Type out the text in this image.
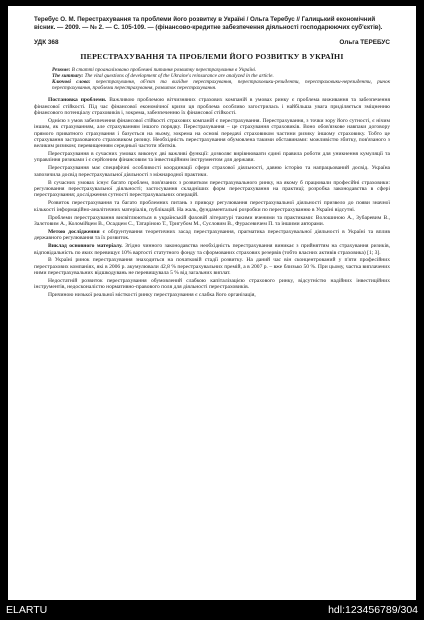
Теребус О. М. Перестрахування та проблеми його розвитку в Україні / Ольга Теребус // Галицький економічний вісник. — 2009. — № 2. — С. 105-109. — (фінансово-кредитне забезпечення діяльності господарюючих суб'єктів).
УДК 368	Ольга ТЕРЕБУС
ПЕРЕСТРАХУВАННЯ ТА ПРОБЛЕМИ ЙОГО РОЗВИТКУ В УКРАЇНІ
Резюме: В статті проаналізовано проблемні питання розвитку перестрахування в Україні.
The summary: The vital questions of development of the Ukraine's reinsurance are analyzed in the article.
Ключові слова: перестрахування, об'єкт та вигідне перестрахування, перестраховики-резиденти, перестраховики-нерезиденти, ринок перестрахування, проблеми перестрахування, розвиток перестрахування.

Постановка проблеми. Важливою проблемою вітчизняних страхових компаній в умовах ринку є проблема виживання та забезпечення фінансової стійкості. Під час фінансової економічної кризи ця проблема особливо загострилась і найбільша увага приділяється зміцненню фінансового потенціалу страховиків і, зокрема, забезпеченню їх фінансової стійкості.

Однією з умов забезпечення фінансової стійкості страхових компаній є перестрахування. Перестрахування, з точки зору його сутності, є нічим іншим, як страхуванням, але страхуванням іншого порядку. Перестрахування – це страхування страховиків. Воно обов'язкове навпаки договору прямого приватного страхування і базується на ньому, зокрема на основі передачі страховиком частини ризику іншому страховику. Тобто це страхування застрахованого страховиком ризику. Необхідність перестрахування обумовлена такими обставинами: можливістю збитку, пов'язаного з великим ризиком; перевищенням середньої частоти збитків.

Перестрахування в сучасних умовах виконує дві важливі функції: дозволяє вирівнюваати єдині правила роботи для уникнення кумуляції та управління ризиками і є серйозним фінансовим та інвестиційним інструментом для держави.

Перестрахування має специфічні особливості координації сфери страхової діяльності, давню історію та напрацьований досвід. Україна запозичила досвід перестрахувальної діяльності з міжнародної практики.

В сучасних умовах існує багато проблем, пов'язаних з розвитком перестрахувального ринку, на якому б працювали професійні страховики: регулювання перестрахувальної діяльності; застосування складніших форм перестрахування на практиці; розробка законодавства в сфері перестрахування; дослідження сутності перестрахувальних операцій.

Розвиток перестрахування та багато проблемних питань з приводу регулювання перестрахувальної діяльності призвело до появи значної кількості інформаційно-аналітичних матеріалів, публікацій. На жаль, фундаментальні розробки по перестрахуванню в Україні відсутні.

Проблеми перестрахування висвітлюються в українській фаховій літературі такими вченими та практиками: Волошиною А., Зубаревим В., Залєтовим А., Коломійцем В., Осадцем С., Татаріною Т., Тригубом М., Сусловим В., Фурасевичем П. та іншими авторами.

Метою дослідження є обґрунтування теоретичних засад перестрахування, прагматика перестрахувальної діяльності в Україні та вплив державного регулювання та їх розвиток.

Виклад основного матеріалу. Згідно чинного законодавства необхідність перестрахування виникає з прийняттям на страхування ризиків, відповідальність по яких перевищує 10% вартості статутного фонду та сформованих страхових резервів (тобто власних активів страховика) [1; 3].

В Україні ринок перестрахування знаходиться на початковій стадії розвитку. На даний час він сконцентрований у п'яти професійних перестрахових компаніях, які в 2006 р. акумулювали 42,8 % перестрахувальних премій, а в 2007 р. – вже близько 50 %. При цьому, частка виплачених ними перестрахувальних відшкодувань не перевищувала 5 % від загальних виплат.

Недостатній розвиток перестрахування обумовлений слабкою капіталізацією страхового ринку, відсутністю надійних інвестиційних інструментів, недосконалістю нормативно-правового поля для діяльності перестраховиків.

Причиною низької реальної місткості ринку перестрахування є слабка його організація,

ELARTU	hdl:123456789/304
